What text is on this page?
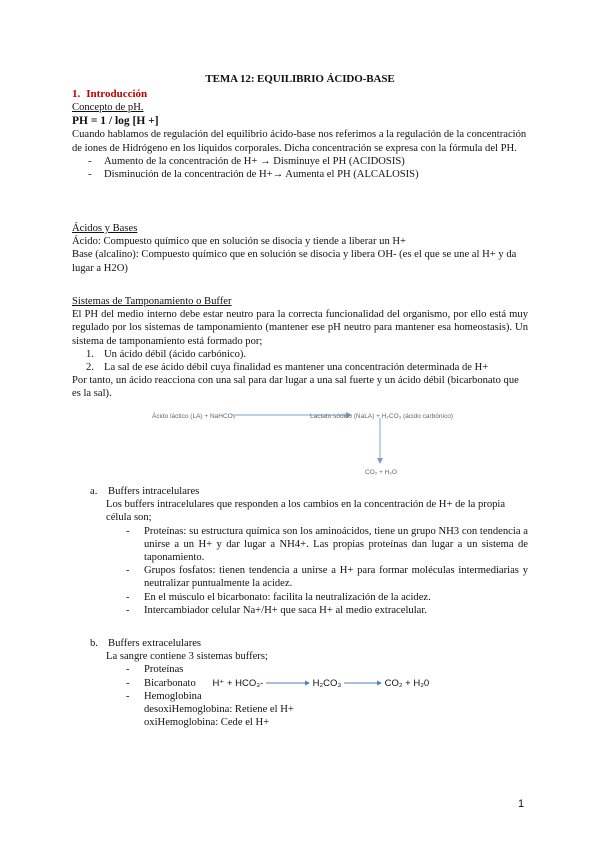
TEMA 12: EQUILIBRIO ÁCIDO-BASE
1. Introducción
Concepto de pH.
PH = 1 / log [H +]
Cuando hablamos de regulación del equilibrio ácido-base nos referimos a la regulación de la concentración de iones de Hidrógeno en los líquidos corporales. Dicha concentración se expresa con la fórmula del PH.
- Aumento de la concentración de H+ → Disminuye el PH (ACIDOSIS)
- Disminución de la concentración de H+→ Aumenta el PH (ALCALOSIS)
Ácidos y Bases
Ácido: Compuesto químico que en solución se disocia y tiende a liberar un H+
Base (alcalino): Compuesto químico que en solución se disocia y libera OH- (es el que se une al H+ y da lugar a H2O)
Sistemas de Tamponamiento o Buffer
El PH del medio interno debe estar neutro para la correcta funcionalidad del organismo, por ello está muy regulado por los sistemas de tamponamiento (mantener ese pH neutro para mantener esa homeostasis). Un sistema de tamponamiento está formado por;
1. Un ácido débil (ácido carbónico).
2. La sal de ese ácido débil cuya finalidad es mantener una concentración determinada de H+
Por tanto, un ácido reacciona con una sal para dar lugar a una sal fuerte y un ácido débil (bicarbonato que es la sal).
Ácido láctico (LA) + NaHCO₃	Lactato sódico (NaLA) + H₂CO₃ (ácido carbónico)
CO₂ + H₂O
a. Buffers intracelulares
Los buffers intracelulares que responden a los cambios en la concentración de H+ de la propia célula son;
- Proteínas: su estructura química son los aminoácidos, tiene un grupo NH3 con tendencia a unirse a un H+ y dar lugar a NH4+. Las propias proteínas dan lugar a un sistema de taponamiento.
- Grupos fosfatos: tienen tendencia a unirse a H+ para formar moléculas intermediarias y neutralizar puntualmente la acidez.
- En el músculo el bicarbonato: facilita la neutralización de la acidez.
- Intercambiador celular Na+/H+ que saca H+ al medio extracelular.
b. Buffers extracelulares
La sangre contiene 3 sistemas buffers;
- Proteínas
- Bicarbonato H⁺ + HCO₃-	H₂CO₃	CO₂ + H₂0
- Hemoglobina
desoxiHemoglobina: Retiene el H+
oxiHemoglobina: Cede el H+
1
